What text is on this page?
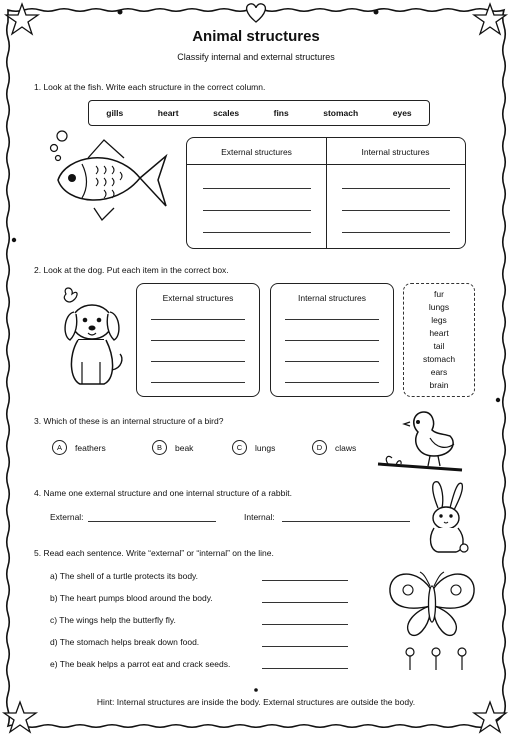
Animal structures
Classify internal and external structures
1. Look at the fish. Write each structure in the correct column.
gills	heart	scales	fins	stomach	eyes
External structures	Internal structures
2. Look at the dog. Put each item in the correct box.
External structures	Internal structures	fur
lungs
legs
heart
tail
stomach
ears
brain
3. Which of these is an internal structure of a bird?
A	feathers	B	beak	C	lungs	D	claws
4. Name one external structure and one internal structure of a rabbit.
External:	Internal:
5. Read each sentence. Write “external” or “internal” on the line.
a) The shell of a turtle protects its body.
b) The heart pumps blood around the body.
c) The wings help the butterfly fly.
d) The stomach helps break down food.
e) The beak helps a parrot eat and crack seeds.
Hint: Internal structures are inside the body. External structures are outside the body.
